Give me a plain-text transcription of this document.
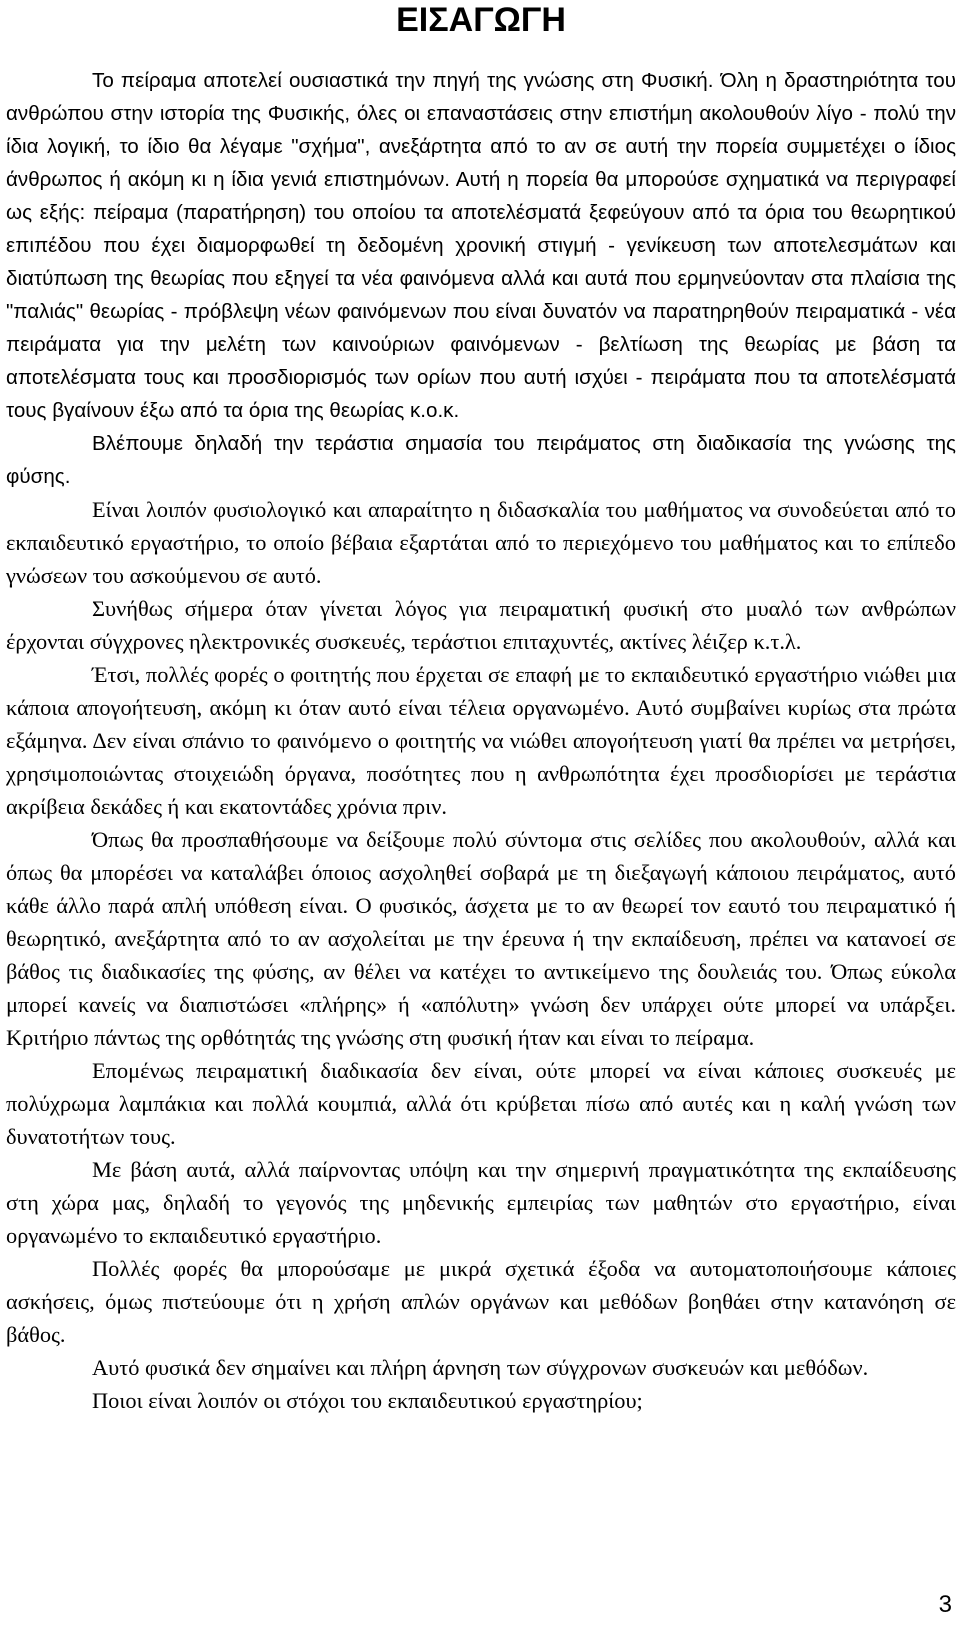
ΕΙΣΑΓΩΓΗ

Το πείραμα αποτελεί ουσιαστικά την πηγή της γνώσης στη Φυσική. Όλη η δραστηριότητα του ανθρώπου στην ιστορία της Φυσικής, όλες οι επαναστάσεις στην επιστήμη ακολουθούν λίγο - πολύ την ίδια λογική, το ίδιο θα λέγαμε "σχήμα", ανεξάρτητα από το αν σε αυτή την πορεία συμμετέχει ο ίδιος άνθρωπος ή ακόμη κι η ίδια γενιά επιστημόνων. Αυτή η πορεία θα μπορούσε σχηματικά να περιγραφεί ως εξής: πείραμα (παρατήρηση) του οποίου τα αποτελέσματά ξεφεύγουν από τα όρια του θεωρητικού επιπέδου που έχει διαμορφωθεί τη δεδομένη χρονική στιγμή - γενίκευση των αποτελεσμάτων και διατύπωση της θεωρίας που εξηγεί τα νέα φαινόμενα αλλά και αυτά που ερμηνεύονταν στα πλαίσια της "παλιάς" θεωρίας - πρόβλεψη νέων φαινόμενων που είναι δυνατόν να παρατηρηθούν πειραματικά - νέα πειράματα για την μελέτη των καινούριων φαινόμενων - βελτίωση της θεωρίας με βάση τα αποτελέσματα τους και προσδιορισμός των ορίων που αυτή ισχύει - πειράματα που τα αποτελέσματά τους βγαίνουν έξω από τα όρια της θεωρίας κ.ο.κ.

Βλέπουμε δηλαδή την τεράστια σημασία του πειράματος στη διαδικασία της γνώσης της φύσης.

Είναι λοιπόν φυσιολογικό και απαραίτητο η διδασκαλία του μαθήματος να συνοδεύεται από το εκπαιδευτικό εργαστήριο, το οποίο βέβαια εξαρτάται από το περιεχόμενο του μαθήματος και το επίπεδο γνώσεων του ασκούμενου σε αυτό.

Συνήθως σήμερα όταν γίνεται λόγος για πειραματική φυσική στο μυαλό των ανθρώπων έρχονται σύγχρονες ηλεκτρονικές συσκευές, τεράστιοι επιταχυντές, ακτίνες λέιζερ κ.τ.λ.

Έτσι, πολλές φορές ο φοιτητής που έρχεται σε επαφή με το εκπαιδευτικό εργαστήριο νιώθει μια κάποια απογοήτευση, ακόμη κι όταν αυτό είναι τέλεια οργανωμένο. Αυτό συμβαίνει κυρίως στα πρώτα εξάμηνα. Δεν είναι σπάνιο το φαινόμενο ο φοιτητής να νιώθει απογοήτευση γιατί θα πρέπει να μετρήσει, χρησιμοποιώντας στοιχειώδη όργανα, ποσότητες που η ανθρωπότητα έχει προσδιορίσει με τεράστια ακρίβεια δεκάδες ή και εκατοντάδες χρόνια πριν.

Όπως θα προσπαθήσουμε να δείξουμε πολύ σύντομα στις σελίδες που ακολουθούν, αλλά και όπως θα μπορέσει να καταλάβει όποιος ασχοληθεί σοβαρά με τη διεξαγωγή κάποιου πειράματος, αυτό κάθε άλλο παρά απλή υπόθεση είναι. Ο φυσικός, άσχετα με το αν θεωρεί τον εαυτό του πειραματικό ή θεωρητικό, ανεξάρτητα από το αν ασχολείται με την έρευνα ή την εκπαίδευση, πρέπει να κατανοεί σε βάθος τις διαδικασίες της φύσης, αν θέλει να κατέχει το αντικείμενο της δουλειάς του. Όπως εύκολα μπορεί κανείς να διαπιστώσει «πλήρης» ή «απόλυτη» γνώση δεν υπάρχει ούτε μπορεί να υπάρξει. Κριτήριο πάντως της ορθότητάς της γνώσης στη φυσική ήταν και είναι το πείραμα.

Επομένως πειραματική διαδικασία δεν είναι, ούτε μπορεί να είναι κάποιες συσκευές με πολύχρωμα λαμπάκια και πολλά κουμπιά, αλλά ότι κρύβεται πίσω από αυτές και η καλή γνώση των δυνατοτήτων τους.

Με βάση αυτά, αλλά παίρνοντας υπόψη και την σημερινή πραγματικότητα της εκπαίδευσης στη χώρα μας, δηλαδή το γεγονός της μηδενικής εμπειρίας των μαθητών στο εργαστήριο, είναι οργανωμένο το εκπαιδευτικό εργαστήριο.

Πολλές φορές θα μπορούσαμε με μικρά σχετικά έξοδα να αυτοματοποιήσουμε κάποιες ασκήσεις, όμως πιστεύουμε ότι η χρήση απλών οργάνων και μεθόδων βοηθάει στην κατανόηση σε βάθος.

Αυτό φυσικά δεν σημαίνει και πλήρη άρνηση των σύγχρονων συσκευών και μεθόδων.

Ποιοι είναι λοιπόν οι στόχοι του εκπαιδευτικού εργαστηρίου;

3
